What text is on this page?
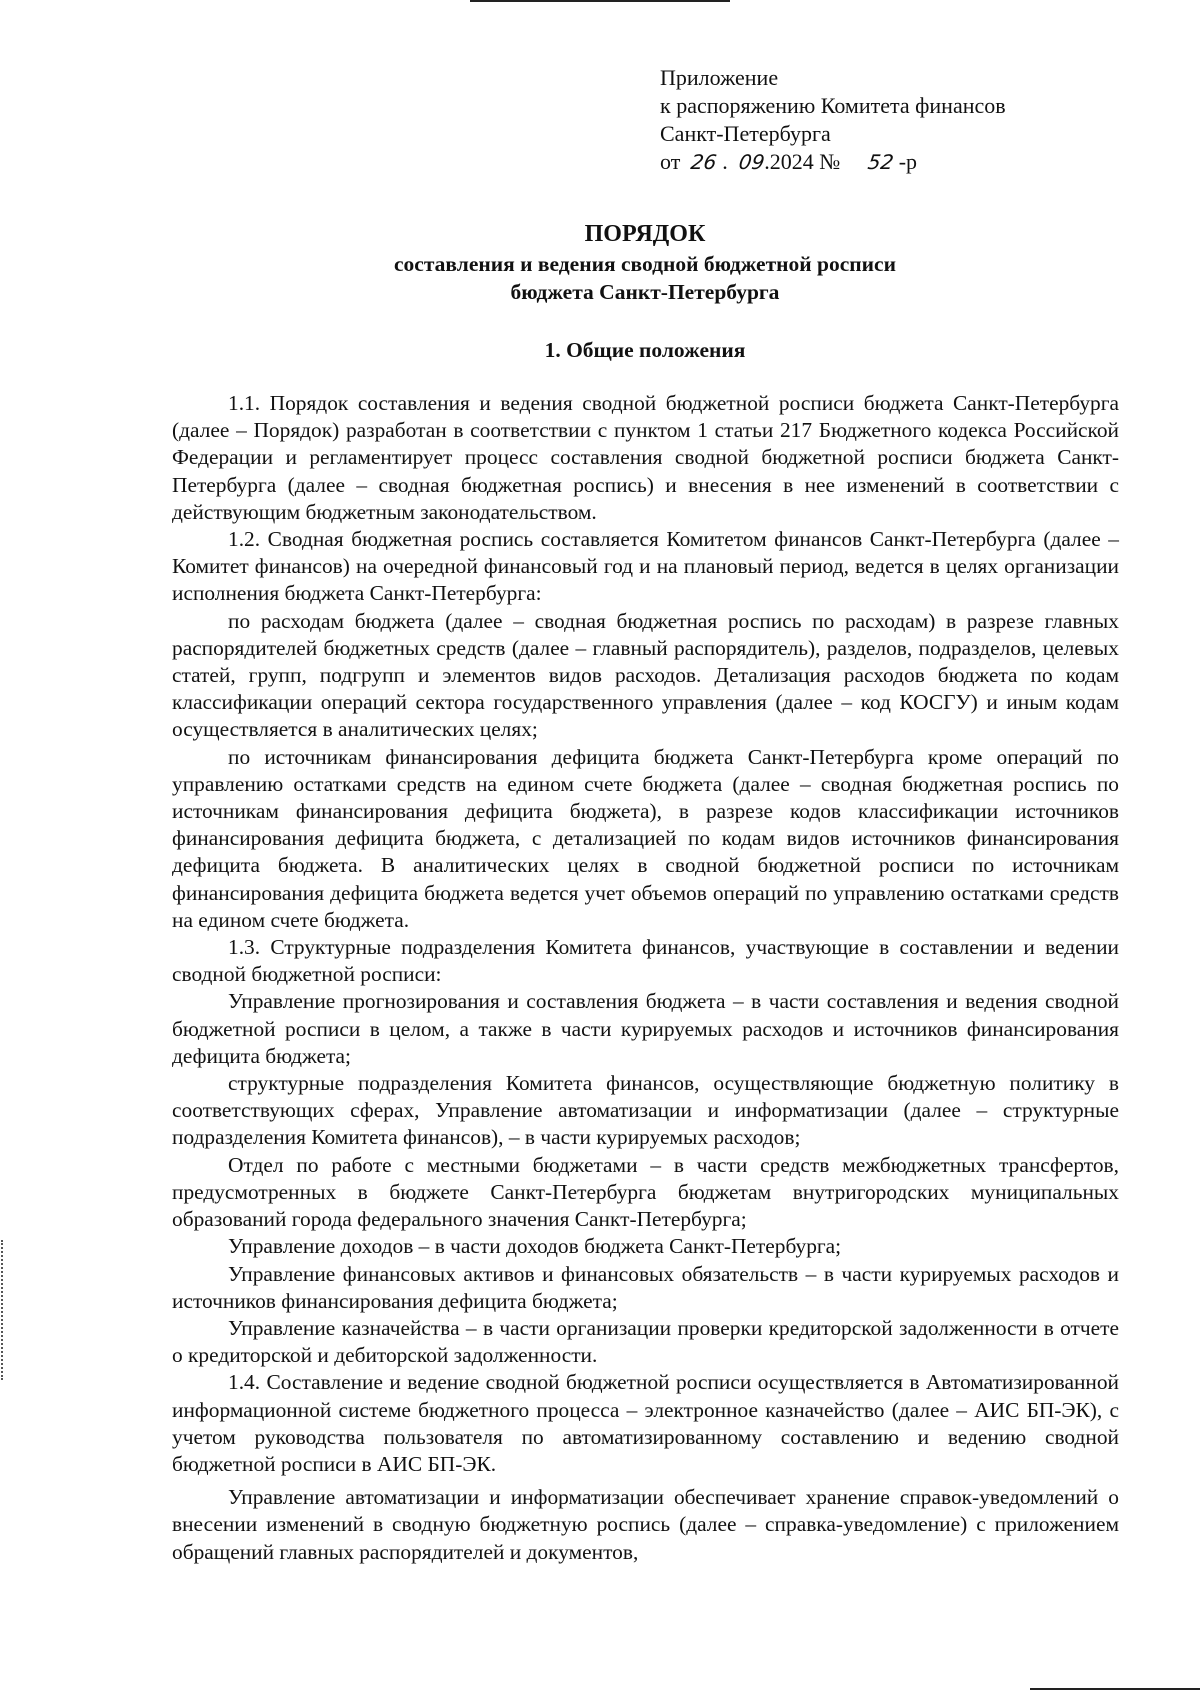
Приложение
к распоряжению Комитета финансов
Санкт-Петербурга
от 26 .  09.2024 № 52 -р
ПОРЯДОК
составления и ведения сводной бюджетной росписи
бюджета Санкт-Петербурга
1. Общие положения

1.1. Порядок составления и ведения сводной бюджетной росписи бюджета Санкт-Петербурга (далее – Порядок) разработан в соответствии с пунктом 1 статьи 217 Бюджетного кодекса Российской Федерации и регламентирует процесс составления сводной бюджетной росписи бюджета Санкт-Петербурга (далее – сводная бюджетная роспись) и внесения в нее изменений в соответствии с действующим бюджетным законодательством.

1.2. Сводная бюджетная роспись составляется Комитетом финансов Санкт-Петербурга (далее – Комитет финансов) на очередной финансовый год и на плановый период, ведется в целях организации исполнения бюджета Санкт-Петербурга:

по расходам бюджета (далее – сводная бюджетная роспись по расходам) в разрезе главных распорядителей бюджетных средств (далее – главный распорядитель), разделов, подразделов, целевых статей, групп, подгрупп и элементов видов расходов. Детализация расходов бюджета по кодам классификации операций сектора государственного управления (далее – код КОСГУ) и иным кодам осуществляется в аналитических целях;

по источникам финансирования дефицита бюджета Санкт-Петербурга кроме операций по управлению остатками средств на едином счете бюджета (далее – сводная бюджетная роспись по источникам финансирования дефицита бюджета), в разрезе кодов классификации источников финансирования дефицита бюджета, с детализацией по кодам видов источников финансирования дефицита бюджета. В аналитических целях в сводной бюджетной росписи по источникам финансирования дефицита бюджета ведется учет объемов операций по управлению остатками средств на едином счете бюджета.

1.3. Структурные подразделения Комитета финансов, участвующие в составлении и ведении сводной бюджетной росписи:

Управление прогнозирования и составления бюджета – в части составления и ведения сводной бюджетной росписи в целом, а также в части курируемых расходов и источников финансирования дефицита бюджета;

структурные подразделения Комитета финансов, осуществляющие бюджетную политику в соответствующих сферах, Управление автоматизации и информатизации (далее – структурные подразделения Комитета финансов), – в части курируемых расходов;

Отдел по работе с местными бюджетами – в части средств межбюджетных трансфертов, предусмотренных в бюджете Санкт-Петербурга бюджетам внутригородских муниципальных образований города федерального значения Санкт-Петербурга;

Управление доходов – в части доходов бюджета Санкт-Петербурга;

Управление финансовых активов и финансовых обязательств – в части курируемых расходов и источников финансирования дефицита бюджета;

Управление казначейства – в части организации проверки кредиторской задолженности в отчете о кредиторской и дебиторской задолженности.

1.4. Составление и ведение сводной бюджетной росписи осуществляется в Автоматизированной информационной системе бюджетного процесса – электронное казначейство (далее – АИС БП-ЭК), с учетом руководства пользователя по автоматизированному составлению и ведению сводной бюджетной росписи в АИС БП-ЭК.

Управление автоматизации и информатизации обеспечивает хранение справок-уведомлений о внесении изменений в сводную бюджетную роспись (далее – справка-уведомление) с приложением обращений главных распорядителей и документов,
